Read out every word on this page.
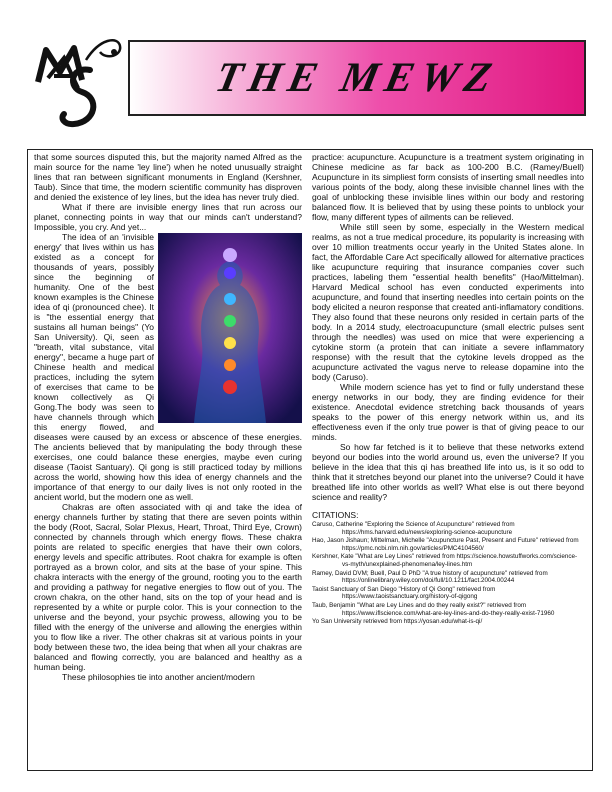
THE MEWZ

that some sources disputed this, but the majority named Alfred as the main source for the name 'ley line') when he noted unusually straight lines that ran between significant monuments in England (Kershner, Taub). Since that time, the modern scientific community has disproven and denied the existence of ley lines, but the idea has never truly died.

What if there are invisible energy lines that run across our planet, connecting points in way that our minds can't understand? Impossible, you cry. And yet...

The idea of an 'invisible energy' that lives within us has existed as a concept for thousands of years, possibly since the beginning of humanity. One of the best known examples is the Chinese idea of qi (pronounced chee). It is "the essential energy that sustains all human beings" (Yo San University). Qi, seen as "breath, vital substance, vital energy", became a huge part of Chinese health and medical practices, including the sytem of exercises that came to be known collectively as Qi Gong.The body was seen to have channels through which this energy flowed, and diseases were caused by an excess or abscence of these energies. The ancients believed that by manipulating the body through these exercises, one could balance these energies, maybe even curing disease (Taoist Santuary). Qi gong is still practiced today by millions across the world, showing how this idea of energy channels and the importance of that energy to our daily lives is not only rooted in the ancient world, but the modern one as well.

Chakras are often associated with qi and take the idea of energy channels further by stating that there are seven points within the body (Root, Sacral, Solar Plexus, Heart, Throat, Third Eye, Crown) connected by channels through which energy flows. These chakra points are related to specific energies that have their own colors, energy levels and specific attributes. Root chakra for example is often portrayed as a brown color, and sits at the base of your spine. This chakra interacts with the energy of the ground, rooting you to the earth and providing a pathway for negative energies to flow out of you. The crown chakra, on the other hand, sits on the top of your head and is represented by a white or purple color. This is your connection to the universe and the beyond, your psychic prowess, allowing you to be filled with the energy of the universe and allowing the energies within you to flow like a river. The other chakras sit at various points in your body between these two, the idea being that when all your chakras are balanced and flowing correctly, you are balanced and healthy as a human being.

These philosophies tie into another ancient/modern

practice: acupuncture. Acupuncture is a treatment system originating in Chinese medicine as far back as 100-200 B.C. (Ramey/Buell) Acupuncture in its simpliest form consists of inserting small needles into various points of the body, along these invisible channel lines with the goal of unblocking these invisible lines within our body and restoring balanced flow. It is believed that by using these points to unblock your flow, many different types of ailments can be relieved.

While still seen by some, especially in the Western medical realms, as not a true medical procedure, its popularity is increasing with over 10 million treatments occur yearly in the United States alone. In fact, the Affordable Care Act specifically allowed for alternative practices like acupuncture requiring that insurance companies cover such practices, labeling them "essential health benefits" (Hao/Mittelman). Harvard Medical school has even conducted experiments into acupuncture, and found that inserting needles into certain points on the body elicited a neuron response that created anti-inflamatory conditions. They also found that these neurons only resided in certain parts of the body. In a 2014 study, electroacupuncture (small electric pulses sent through the needles) was used on mice that were experiencing a cytokine storm (a protein that can initiate a severe inflammatory response) with the result that the cytokine levels dropped as the acupuncture activated the vagus nerve to release dopamine into the body (Caruso).

While modern science has yet to find or fully understand these energy networks in our body, they are finding evidence for their existence. Anecdotal evidence stretching back thousands of years speaks to the power of this energy network within us, and its effectiveness even if the only true power is that of giving peace to our minds.

So how far fetched is it to believe that these networks extend beyond our bodies into the world around us, even the universe? If you believe in the idea that this qi has breathed life into us, is it so odd to think that it stretches beyond our planet into the universe? Could it have breathed life into other worlds as well? What else is out there beyond science and reality?

CITATIONS:
Caruso, Catherine "Exploring the Science of Acupuncture" retrieved from https://hms.harvard.edu/news/exploring-science-acupuncture
Hao, Jason Jishaun; Mittelman, Michelle "Acupuncture Past, Present and Future" retrieved from https://pmc.ncbi.nlm.nih.gov/articles/PMC4104560/
Kershner, Kate "What are Ley Lines" retrieved from https://science.howstuffworks.com/science-vs-myth/unexplained-phenomena/ley-lines.htm
Ramey, David DVM; Buell, Paul D PhD "A true history of acupuncture" retrieved from https://onlinelibrary.wiley.com/doi/full/10.1211/fact.2004.00244
Taoist Sanctuary of San Diego "History of Qi Gong" retrieved from https://www.taoistsanctuary.org/history-of-qigong
Taub, Benjamin "What are Ley Lines and do they really exist?" retrieved from https://www.iflscience.com/what-are-ley-lines-and-do-they-really-exist-71960
Yo San University retrieved from https://yosan.edu/what-is-qi/
